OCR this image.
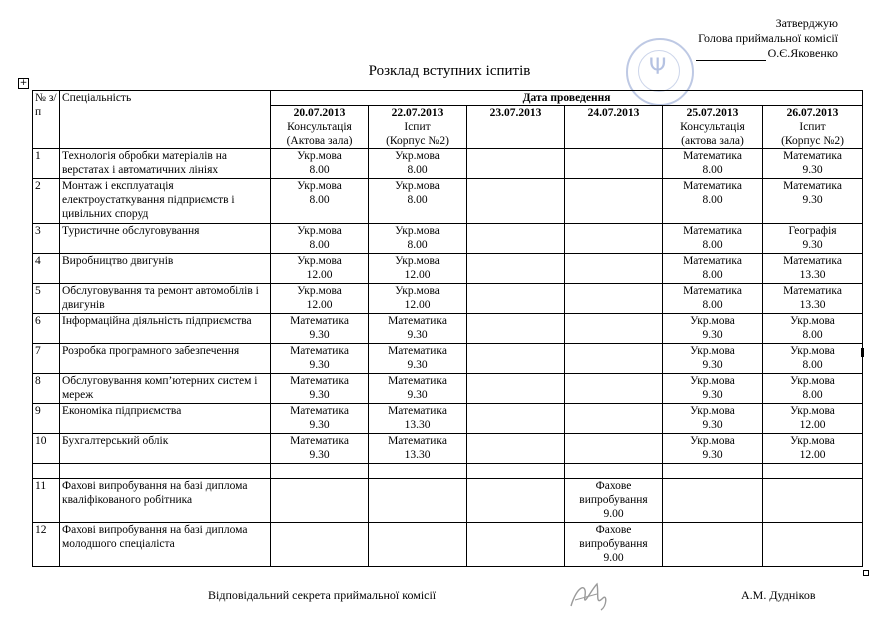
Затверджую
Голова приймальної комісії
О.Є.Яковенко
Ψ
Розклад вступних іспитів
+
№ з/п	Спеціальність	Дата проведення					

		20.07.2013
Консультація
(Актова зала)	22.07.2013
Іспит
(Корпус №2)	23.07.2013	24.07.2013	25.07.2013
Консультація
(актова зала)	26.07.2013
Іспит
(Корпус №2)

1	Технологія обробки матеріалів на верстатах і автоматичних лініях	Укр.мова
8.00	Укр.мова
8.00			Математика
8.00	Математика
9.30

2	Монтаж і експлуатація електроустаткування підприємств і цивільних споруд	Укр.мова
8.00	Укр.мова
8.00			Математика
8.00	Математика
9.30

3	Туристичне обслуговування	Укр.мова
8.00	Укр.мова
8.00			Математика
8.00	Географія
9.30

4	Виробництво двигунів	Укр.мова
12.00	Укр.мова
12.00			Математика
8.00	Математика
13.30

5	Обслуговування та ремонт автомобілів і двигунів	Укр.мова
12.00	Укр.мова
12.00			Математика
8.00	Математика
13.30

6	Інформаційна діяльність підприємства	Математика
9.30	Математика
9.30			Укр.мова
9.30	Укр.мова
8.00

7	Розробка програмного забезпечення	Математика
9.30	Математика
9.30			Укр.мова
9.30	Укр.мова
8.00

8	Обслуговування комп’ютерних систем і мереж	Математика
9.30	Математика
9.30			Укр.мова
9.30	Укр.мова
8.00

9	Економіка підприємства	Математика
9.30	Математика
13.30			Укр.мова
9.30	Укр.мова
12.00

10	Бухгалтерський облік	Математика
9.30	Математика
13.30			Укр.мова
9.30	Укр.мова
12.00

11	Фахові випробування на базі диплома кваліфікованого робітника				Фахове
випробування
9.00		

12	Фахові випробування на базі диплома молодшого спеціаліста				Фахове
випробування
9.00		

Відповідальний секрета приймальної комісії	А.М. Дудніков
